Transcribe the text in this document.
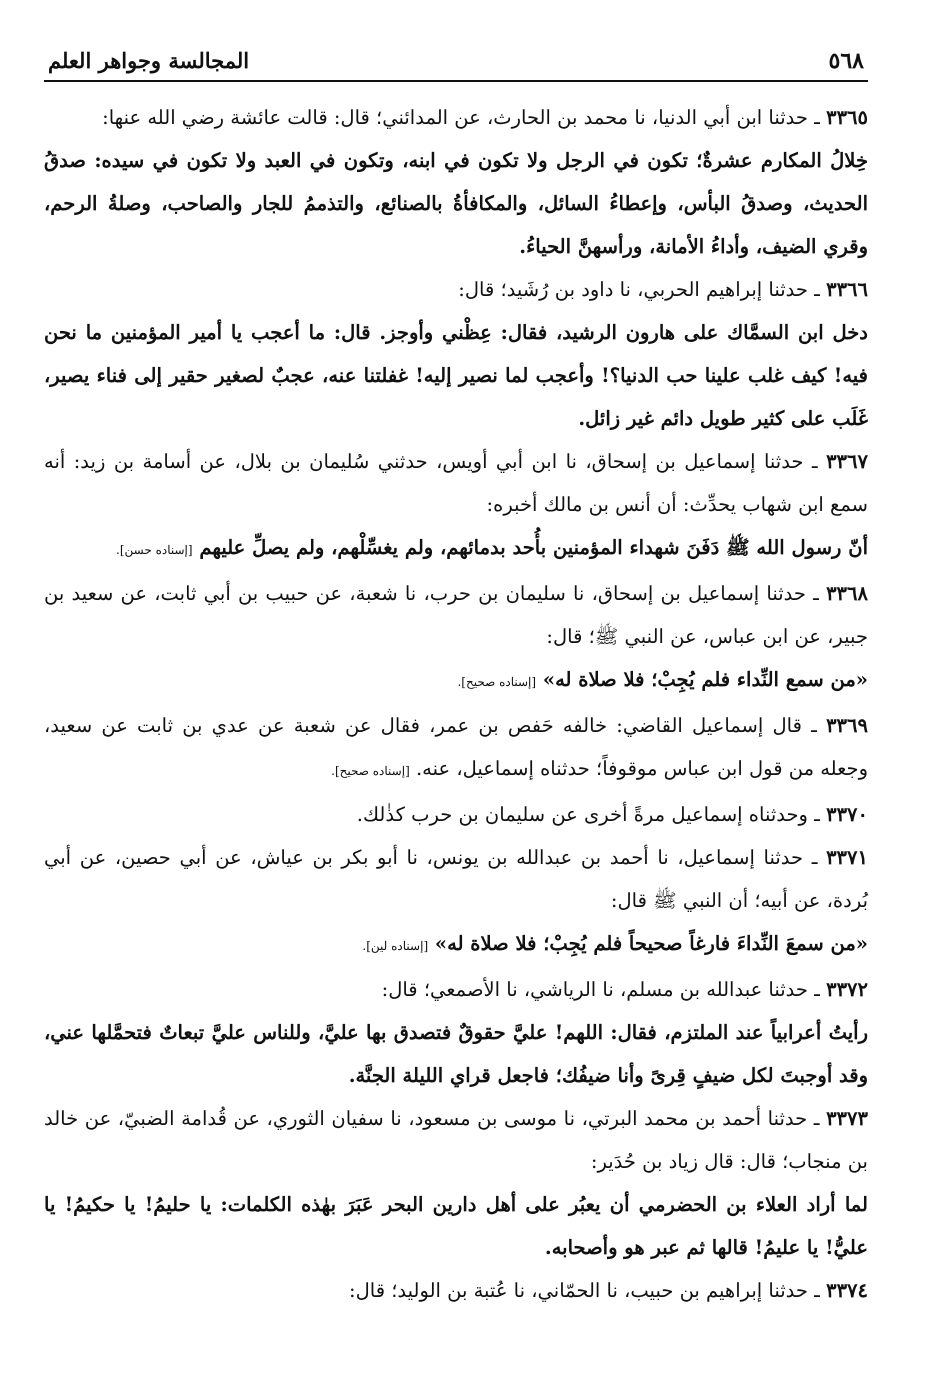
٥٦٨
المجالسة وجواهر العلم
٣٣٦٥ ـ حدثنا ابن أبي الدنيا، نا محمد بن الحارث، عن المدائني؛ قال: قالت عائشة رضي الله عنها:
خِلالُ المكارم عشرةٌ؛ تكون في الرجل ولا تكون في ابنه، وتكون في العبد ولا تكون في سيده: صدقُ الحديث، وصدقُ البأس، وإعطاءُ السائل، والمكافأةُ بالصنائع، والتذممُ للجار والصاحب، وصلةُ الرحم، وقري الضيف، وأداءُ الأمانة، ورأسهنَّ الحياءُ.
٣٣٦٦ ـ حدثنا إبراهيم الحربي، نا داود بن رُشَيد؛ قال:
دخل ابن السمَّاك على هارون الرشيد، فقال: عِظْني وأوجز. قال: ما أعجب يا أمير المؤمنين ما نحن فيه! كيف غلب علينا حب الدنيا؟! وأعجب لما نصير إليه! غفلتنا عنه، عجبٌ لصغير حقير إلى فناء يصير، غَلَب على كثير طويل دائم غير زائل.
٣٣٦٧ ـ حدثنا إسماعيل بن إسحاق، نا ابن أبي أويس، حدثني سُليمان بن بلال، عن أسامة بن زيد: أنه سمع ابن شهاب يحدِّث: أن أنس بن مالك أخبره:
أنّ رسول الله ﷺ دَفَنَ شهداء المؤمنين بأُحد بدمائهم، ولم يغسِّلْهم، ولم يصلِّ عليهم [إسناده حسن].
٣٣٦٨ ـ حدثنا إسماعيل بن إسحاق، نا سليمان بن حرب، نا شعبة، عن حبيب بن أبي ثابت، عن سعيد بن جبير، عن ابن عباس، عن النبي ﷺ؛ قال:
«من سمع النِّداء فلم يُجِبْ؛ فلا صلاة له» [إسناده صحيح].
٣٣٦٩ ـ قال إسماعيل القاضي: خالفه حَفص بن عمر، فقال عن شعبة عن عدي بن ثابت عن سعيد، وجعله من قول ابن عباس موقوفاً؛ حدثناه إسماعيل، عنه. [إسناده صحيح].
٣٣٧٠ ـ وحدثناه إسماعيل مرةً أخرى عن سليمان بن حرب كذٰلك.
٣٣٧١ ـ حدثنا إسماعيل، نا أحمد بن عبدالله بن يونس، نا أبو بكر بن عياش، عن أبي حصين، عن أبي بُردة، عن أبيه؛ أن النبي ﷺ قال:
«من سمعَ النِّداءَ فارغاً صحيحاً فلم يُجِبْ؛ فلا صلاة له» [إسناده لين].
٣٣٧٢ ـ حدثنا عبدالله بن مسلم، نا الرياشي، نا الأصمعي؛ قال:
رأيتُ أعرابياً عند الملتزم، فقال: اللهم! عليَّ حقوقٌ فتصدق بها عليَّ، وللناس عليَّ تبعاتٌ فتحمَّلها عني، وقد أوجبتَ لكل ضيفٍ قِرىً وأنا ضيفُك؛ فاجعل قراي الليلة الجنَّة.
٣٣٧٣ ـ حدثنا أحمد بن محمد البرتي، نا موسى بن مسعود، نا سفيان الثوري، عن قُدامة الضبيّ، عن خالد بن منجاب؛ قال: قال زياد بن حُدَير:
لما أراد العلاء بن الحضرمي أن يعبُر على أهل دارين البحر عَبَرَ بهٰذه الكلمات: يا حليمُ! يا حكيمُ! يا عليُّ! يا عليمُ! قالها ثم عبر هو وأصحابه.
٣٣٧٤ ـ حدثنا إبراهيم بن حبيب، نا الحمّاني، نا عُتبة بن الوليد؛ قال:
